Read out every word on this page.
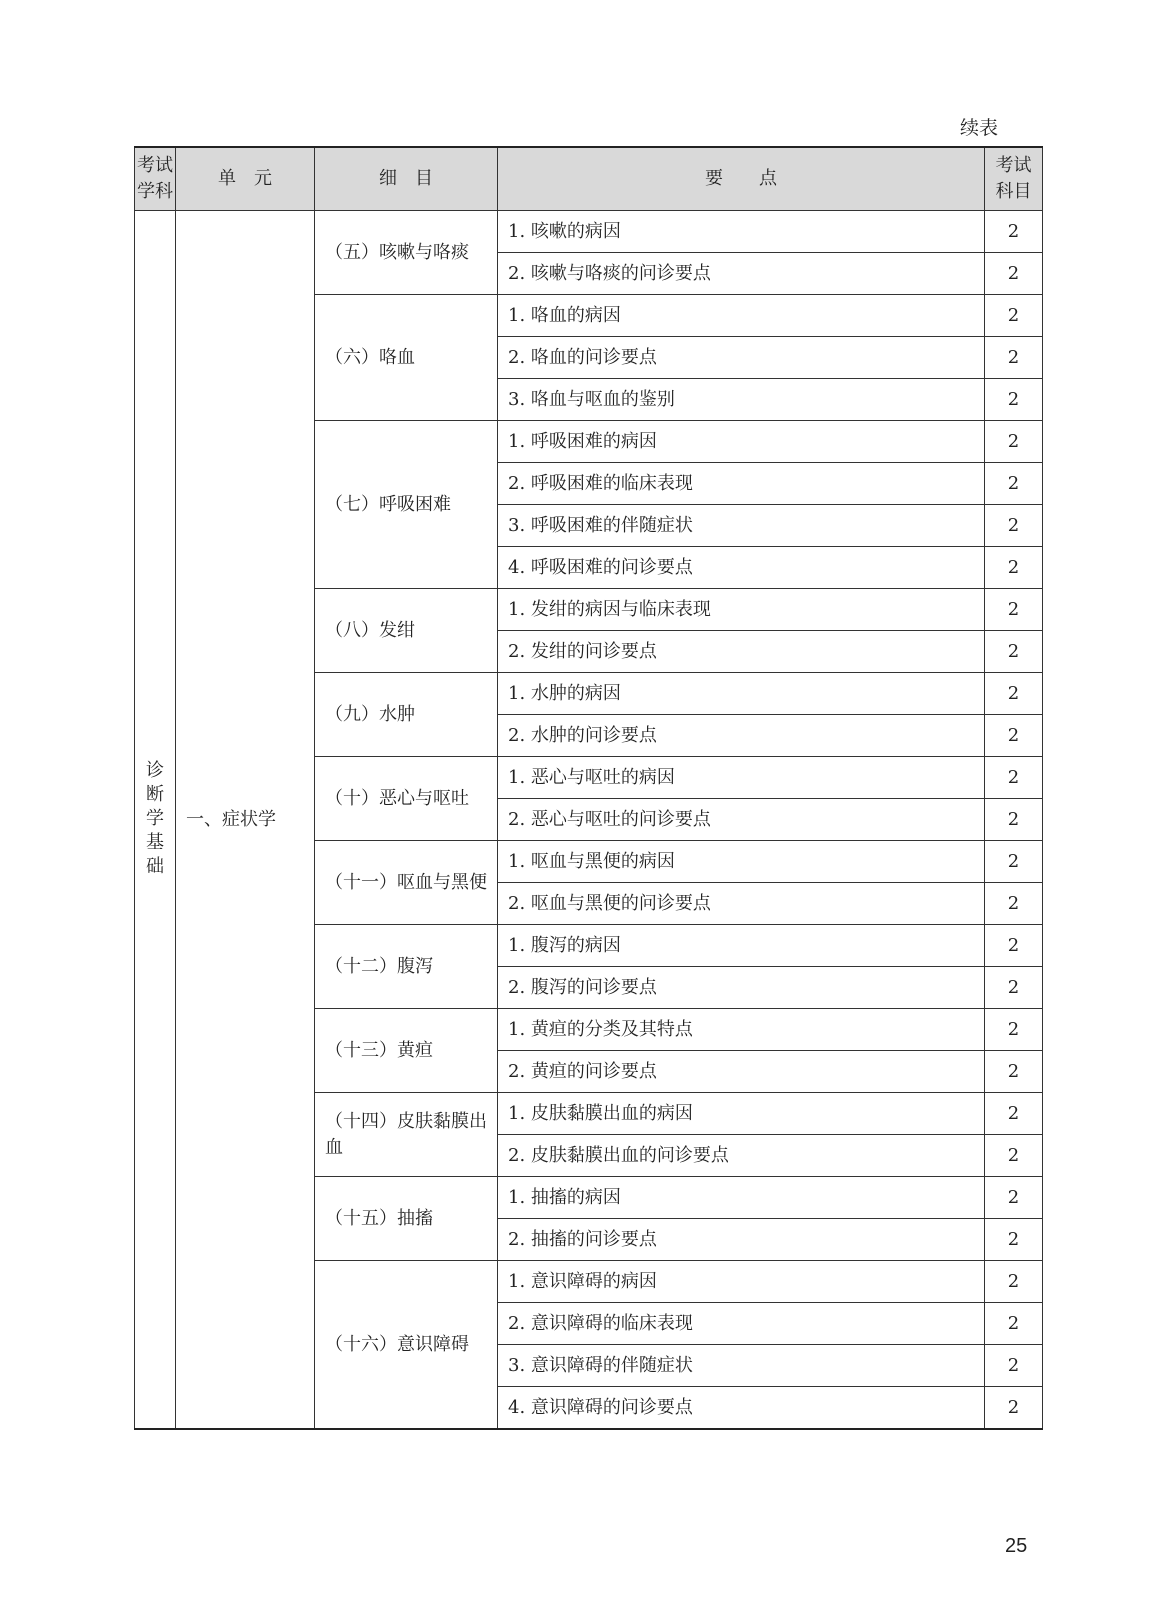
续表
考试学科	单　元	细　目	要　　点	考试科目
诊断学基础	一、症状学	（五）咳嗽与咯痰	1. 咳嗽的病因	2
			2. 咳嗽与咯痰的问诊要点	2
		（六）咯血	1. 咯血的病因	2
			2. 咯血的问诊要点	2
			3. 咯血与呕血的鉴别	2
		（七）呼吸困难	1. 呼吸困难的病因	2
			2. 呼吸困难的临床表现	2
			3. 呼吸困难的伴随症状	2
			4. 呼吸困难的问诊要点	2
		（八）发绀	1. 发绀的病因与临床表现	2
			2. 发绀的问诊要点	2
		（九）水肿	1. 水肿的病因	2
			2. 水肿的问诊要点	2
		（十）恶心与呕吐	1. 恶心与呕吐的病因	2
			2. 恶心与呕吐的问诊要点	2
		（十一）呕血与黑便	1. 呕血与黑便的病因	2
			2. 呕血与黑便的问诊要点	2
		（十二）腹泻	1. 腹泻的病因	2
			2. 腹泻的问诊要点	2
		（十三）黄疸	1. 黄疸的分类及其特点	2
			2. 黄疸的问诊要点	2
		（十四）皮肤黏膜出血	1. 皮肤黏膜出血的病因	2
			2. 皮肤黏膜出血的问诊要点	2
		（十五）抽搐	1. 抽搐的病因	2
			2. 抽搐的问诊要点	2
		（十六）意识障碍	1. 意识障碍的病因	2
			2. 意识障碍的临床表现	2
			3. 意识障碍的伴随症状	2
			4. 意识障碍的问诊要点	2
25
